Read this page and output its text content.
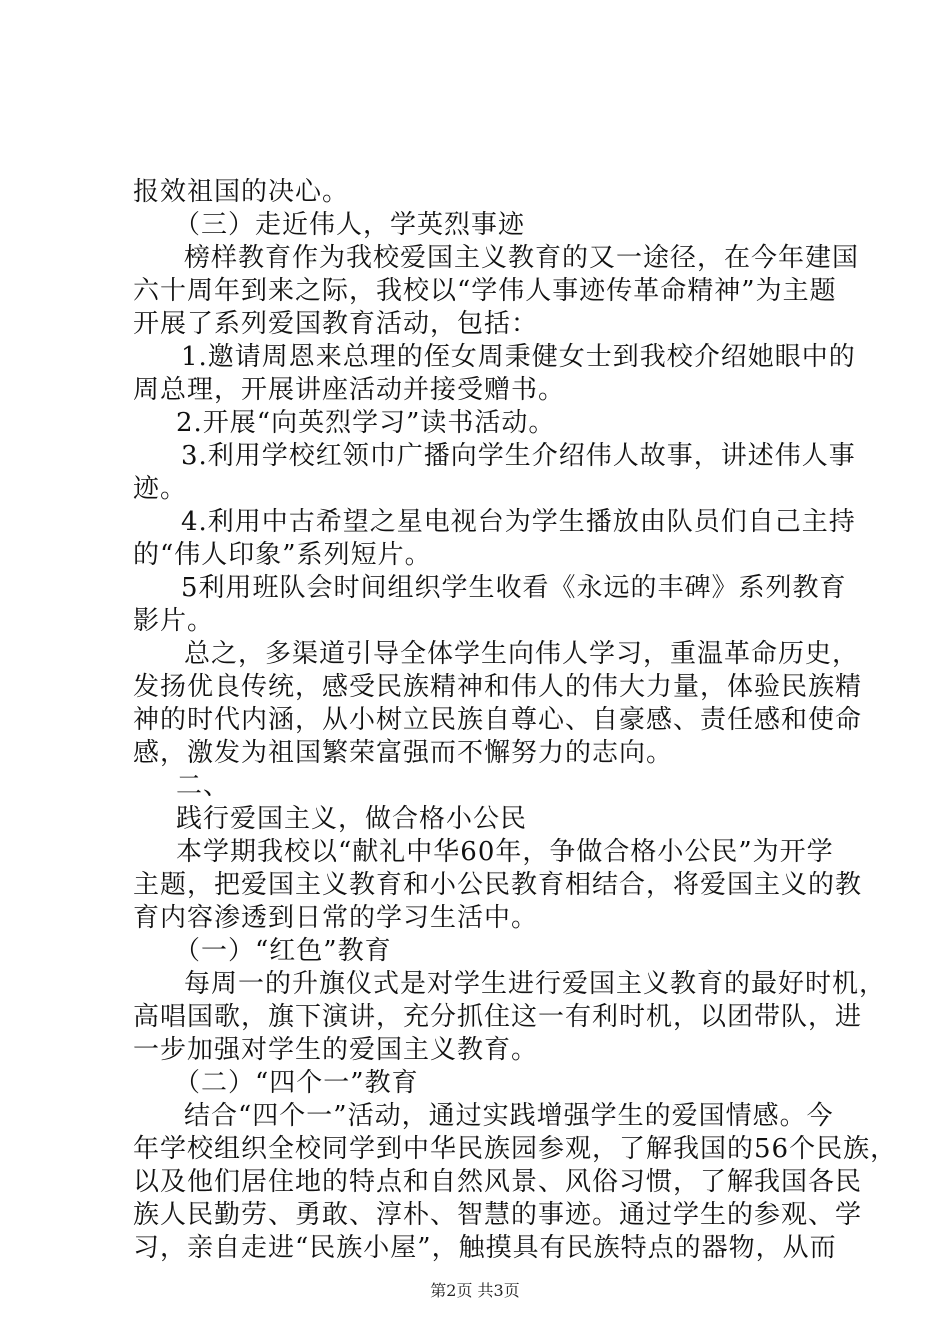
报效祖国的决心。
（三）走近伟人，学英烈事迹
榜样教育作为我校爱国主义教育的又一途径，在今年建国
六十周年到来之际，我校以“学伟人事迹传革命精神”为主题
开展了系列爱国教育活动，包括：
1.邀请周恩来总理的侄女周秉健女士到我校介绍她眼中的
周总理，开展讲座活动并接受赠书。
2.开展“向英烈学习”读书活动。
3.利用学校红领巾广播向学生介绍伟人故事，讲述伟人事
迹。
4.利用中古希望之星电视台为学生播放由队员们自己主持
的“伟人印象”系列短片。
5利用班队会时间组织学生收看《永远的丰碑》系列教育
影片。
总之，多渠道引导全体学生向伟人学习，重温革命历史，
发扬优良传统，感受民族精神和伟人的伟大力量，体验民族精
神的时代内涵，从小树立民族自尊心、自豪感、责任感和使命
感，激发为祖国繁荣富强而不懈努力的志向。
二、
践行爱国主义，做合格小公民
本学期我校以“献礼中华60年，争做合格小公民”为开学
主题，把爱国主义教育和小公民教育相结合，将爱国主义的教
育内容渗透到日常的学习生活中。
（一）“红色”教育
每周一的升旗仪式是对学生进行爱国主义教育的最好时机，
高唱国歌，旗下演讲，充分抓住这一有利时机，以团带队，进
一步加强对学生的爱国主义教育。
（二）“四个一”教育
结合“四个一”活动，通过实践增强学生的爱国情感。今
年学校组织全校同学到中华民族园参观，了解我国的56个民族，
以及他们居住地的特点和自然风景、风俗习惯，了解我国各民
族人民勤劳、勇敢、淳朴、智慧的事迹。通过学生的参观、学
习，亲自走进“民族小屋”，触摸具有民族特点的器物，从而
第2页 共3页
